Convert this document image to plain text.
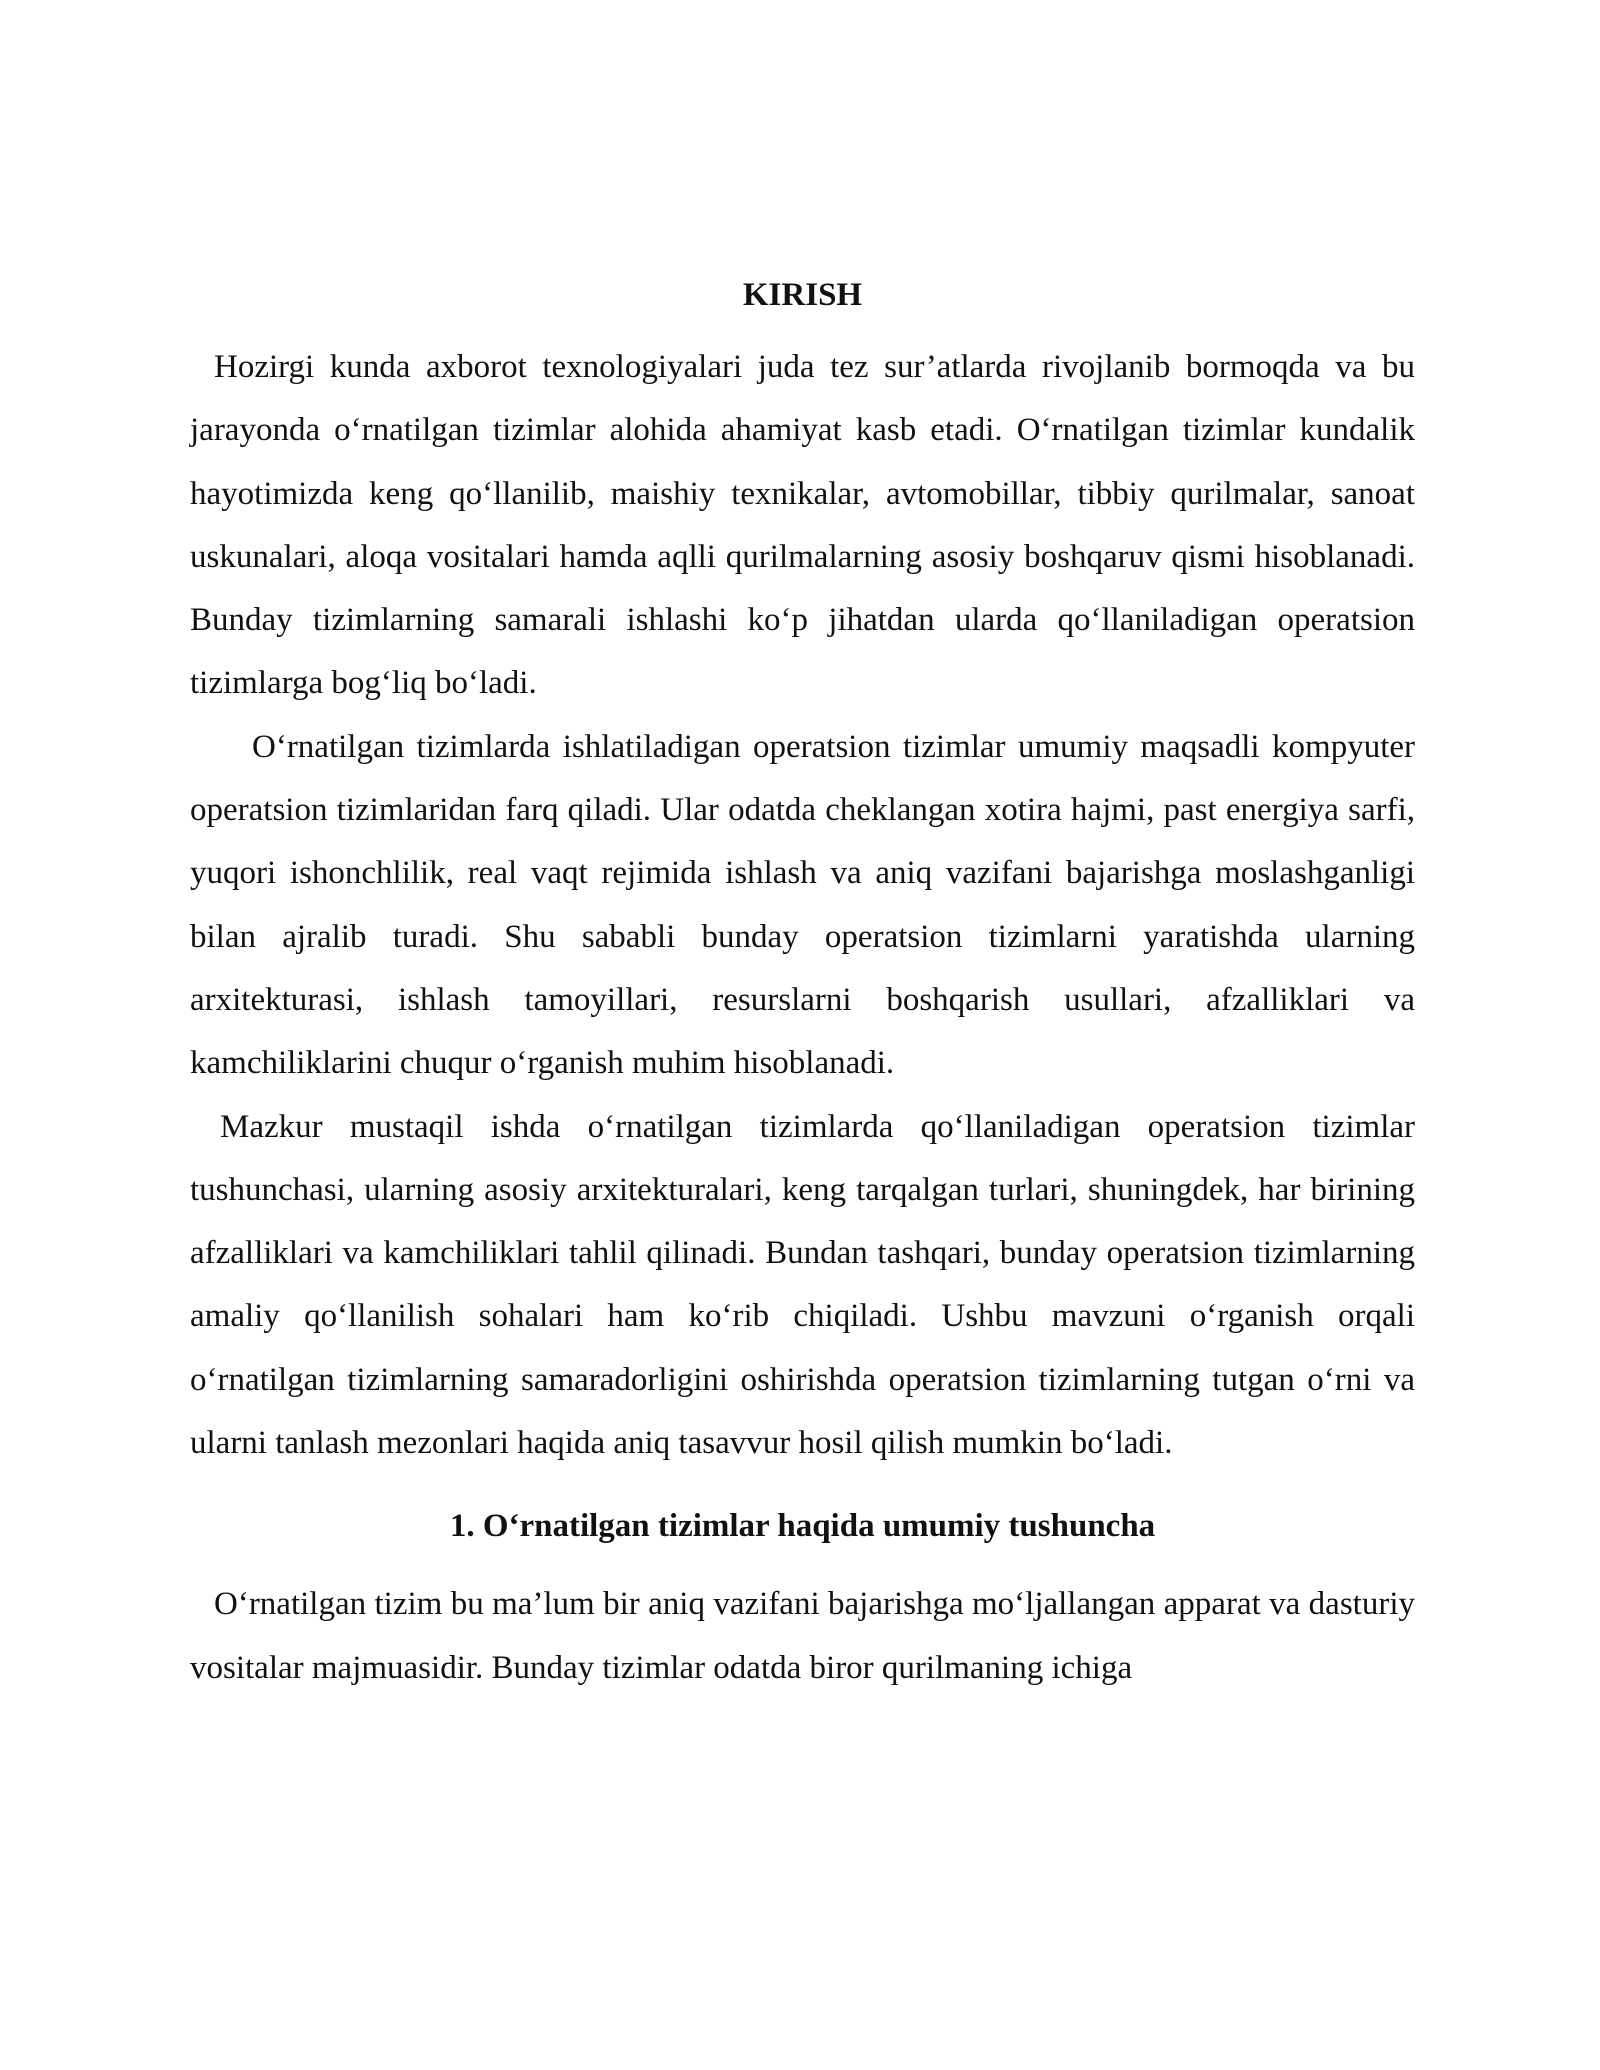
KIRISH

Hozirgi kunda axborot texnologiyalari juda tez sur’atlarda rivojlanib bormoqda va bu jarayonda o‘rnatilgan tizimlar alohida ahamiyat kasb etadi. O‘rnatilgan tizimlar kundalik hayotimizda keng qo‘llanilib, maishiy texnikalar, avtomobillar, tibbiy qurilmalar, sanoat uskunalari, aloqa vositalari hamda aqlli qurilmalarning asosiy boshqaruv qismi hisoblanadi. Bunday tizimlarning samarali ishlashi ko‘p jihatdan ularda qo‘llaniladigan operatsion tizimlarga bog‘liq bo‘ladi.

O‘rnatilgan tizimlarda ishlatiladigan operatsion tizimlar umumiy maqsadli kompyuter operatsion tizimlaridan farq qiladi. Ular odatda cheklangan xotira hajmi, past energiya sarfi, yuqori ishonchlilik, real vaqt rejimida ishlash va aniq vazifani bajarishga moslashganligi bilan ajralib turadi. Shu sababli bunday operatsion tizimlarni yaratishda ularning arxitekturasi, ishlash tamoyillari, resurslarni boshqarish usullari, afzalliklari va kamchiliklarini chuqur o‘rganish muhim hisoblanadi.

Mazkur mustaqil ishda o‘rnatilgan tizimlarda qo‘llaniladigan operatsion tizimlar tushunchasi, ularning asosiy arxitekturalari, keng tarqalgan turlari, shuningdek, har birining afzalliklari va kamchiliklari tahlil qilinadi. Bundan tashqari, bunday operatsion tizimlarning amaliy qo‘llanilish sohalari ham ko‘rib chiqiladi. Ushbu mavzuni o‘rganish orqali o‘rnatilgan tizimlarning samaradorligini oshirishda operatsion tizimlarning tutgan o‘rni va ularni tanlash mezonlari haqida aniq tasavvur hosil qilish mumkin bo‘ladi.

1. O‘rnatilgan tizimlar haqida umumiy tushuncha

O‘rnatilgan tizim bu ma’lum bir aniq vazifani bajarishga mo‘ljallangan apparat va dasturiy vositalar majmuasidir. Bunday tizimlar odatda biror qurilmaning ichiga
